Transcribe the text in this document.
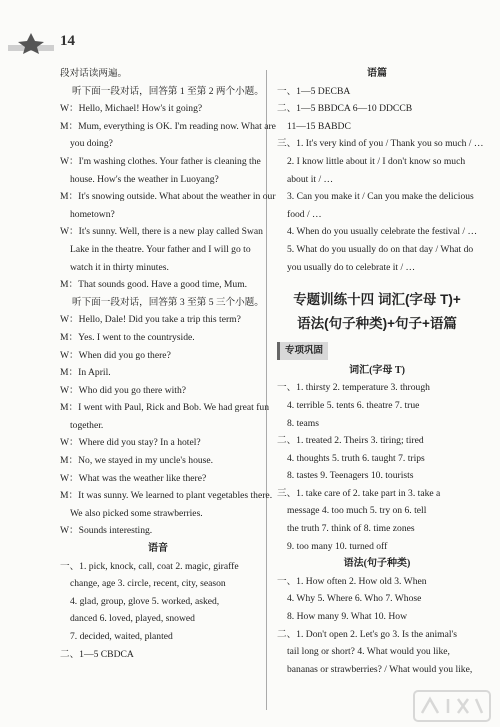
14
段对话读两遍。
听下面一段对话，回答第 1 至第 2 两个小题。
W：Hello, Michael! How's it going?
M：Mum, everything is OK. I'm reading now. What are
you doing?
W：I'm washing clothes. Your father is cleaning the
house. How's the weather in Luoyang?
M：It's snowing outside. What about the weather in our
hometown?
W：It's sunny. Well, there is a new play called Swan
Lake in the theatre. Your father and I will go to
watch it in thirty minutes.
M：That sounds good. Have a good time, Mum.
听下面一段对话，回答第 3 至第 5 三个小题。
W：Hello, Dale! Did you take a trip this term?
M：Yes. I went to the countryside.
W：When did you go there?
M：In April.
W：Who did you go there with?
M：I went with Paul, Rick and Bob. We had great fun
together.
W：Where did you stay? In a hotel?
M：No, we stayed in my uncle's house.
W：What was the weather like there?
M：It was sunny. We learned to plant vegetables there.
We also picked some strawberries.
W：Sounds interesting.
语音
一、1. pick, knock, call, coat 2. magic, giraffe
change, age 3. circle, recent, city, season
4. glad, group, glove 5. worked, asked,
danced 6. loved, played, snowed
7. decided, waited, planted
二、1—5 CBDCA
语篇
一、1—5 DECBA
二、1—5 BBDCA 6—10 DDCCB
11—15 BABDC
三、1. It's very kind of you / Thank you so much / …
2. I know little about it / I don't know so much
about it / …
3. Can you make it / Can you make the delicious
food / …
4. When do you usually celebrate the festival / …
5. What do you usually do on that day / What do
you usually do to celebrate it / …
专题训练十四 词汇(字母 T)+
语法(句子种类)+句子+语篇
专项巩固
词汇(字母 T)
一、1. thirsty 2. temperature 3. through
4. terrible 5. tents 6. theatre 7. true
8. teams
二、1. treated 2. Theirs 3. tiring; tired
4. thoughts 5. truth 6. taught 7. trips
8. tastes 9. Teenagers 10. tourists
三、1. take care of 2. take part in 3. take a
message 4. too much 5. try on 6. tell
the truth 7. think of 8. time zones
9. too many 10. turned off
语法(句子种类)
一、1. How often 2. How old 3. When
4. Why 5. Where 6. Who 7. Whose
8. How many 9. What 10. How
二、1. Don't open 2. Let's go 3. Is the animal's
tail long or short? 4. What would you like,
bananas or strawberries? / What would you like,
